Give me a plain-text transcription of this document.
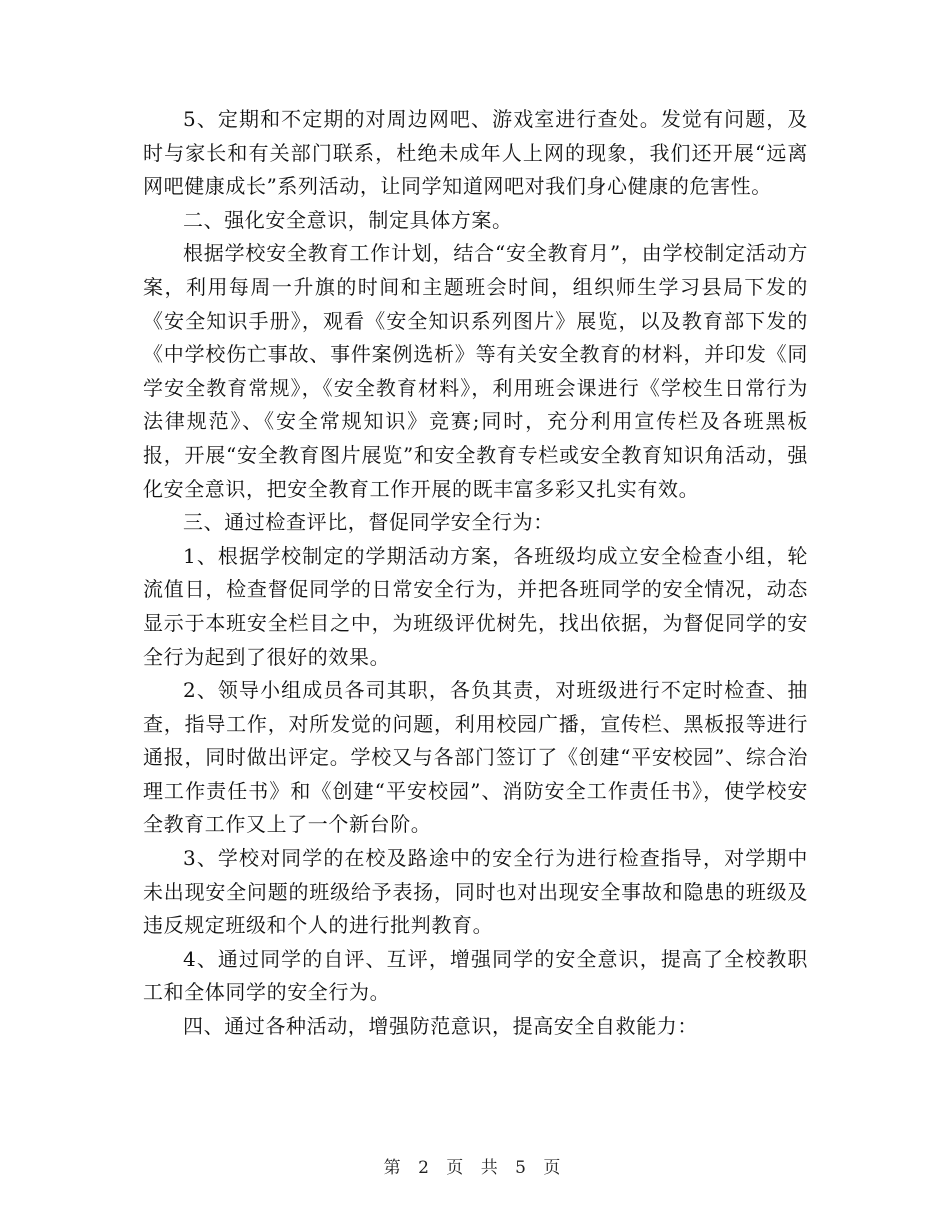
5、定期和不定期的对周边网吧、游戏室进行查处。发觉有问题，及时与家长和有关部门联系，杜绝未成年人上网的现象，我们还开展“远离网吧健康成长”系列活动，让同学知道网吧对我们身心健康的危害性。

二、强化安全意识，制定具体方案。

根据学校安全教育工作计划，结合“安全教育月”，由学校制定活动方案，利用每周一升旗的时间和主题班会时间，组织师生学习县局下发的《安全知识手册》，观看《安全知识系列图片》展览，以及教育部下发的《中学校伤亡事故、事件案例选析》等有关安全教育的材料，并印发《同学安全教育常规》，《安全教育材料》，利用班会课进行《学校生日常行为法律规范》、《安全常规知识》竞赛;同时，充分利用宣传栏及各班黑板报，开展“安全教育图片展览”和安全教育专栏或安全教育知识角活动，强化安全意识，把安全教育工作开展的既丰富多彩又扎实有效。

三、通过检查评比，督促同学安全行为：

1、根据学校制定的学期活动方案，各班级均成立安全检查小组，轮流值日，检查督促同学的日常安全行为，并把各班同学的安全情况，动态显示于本班安全栏目之中，为班级评优树先，找出依据，为督促同学的安全行为起到了很好的效果。

2、领导小组成员各司其职，各负其责，对班级进行不定时检查、抽查，指导工作，对所发觉的问题，利用校园广播，宣传栏、黑板报等进行通报，同时做出评定。学校又与各部门签订了《创建“平安校园”、综合治理工作责任书》和《创建“平安校园”、消防安全工作责任书》，使学校安全教育工作又上了一个新台阶。

3、学校对同学的在校及路途中的安全行为进行检查指导，对学期中未出现安全问题的班级给予表扬，同时也对出现安全事故和隐患的班级及违反规定班级和个人的进行批判教育。

4、通过同学的自评、互评，增强同学的安全意识，提高了全校教职工和全体同学的安全行为。

四、通过各种活动，增强防范意识，提高安全自救能力：

第 2 页 共 5 页
